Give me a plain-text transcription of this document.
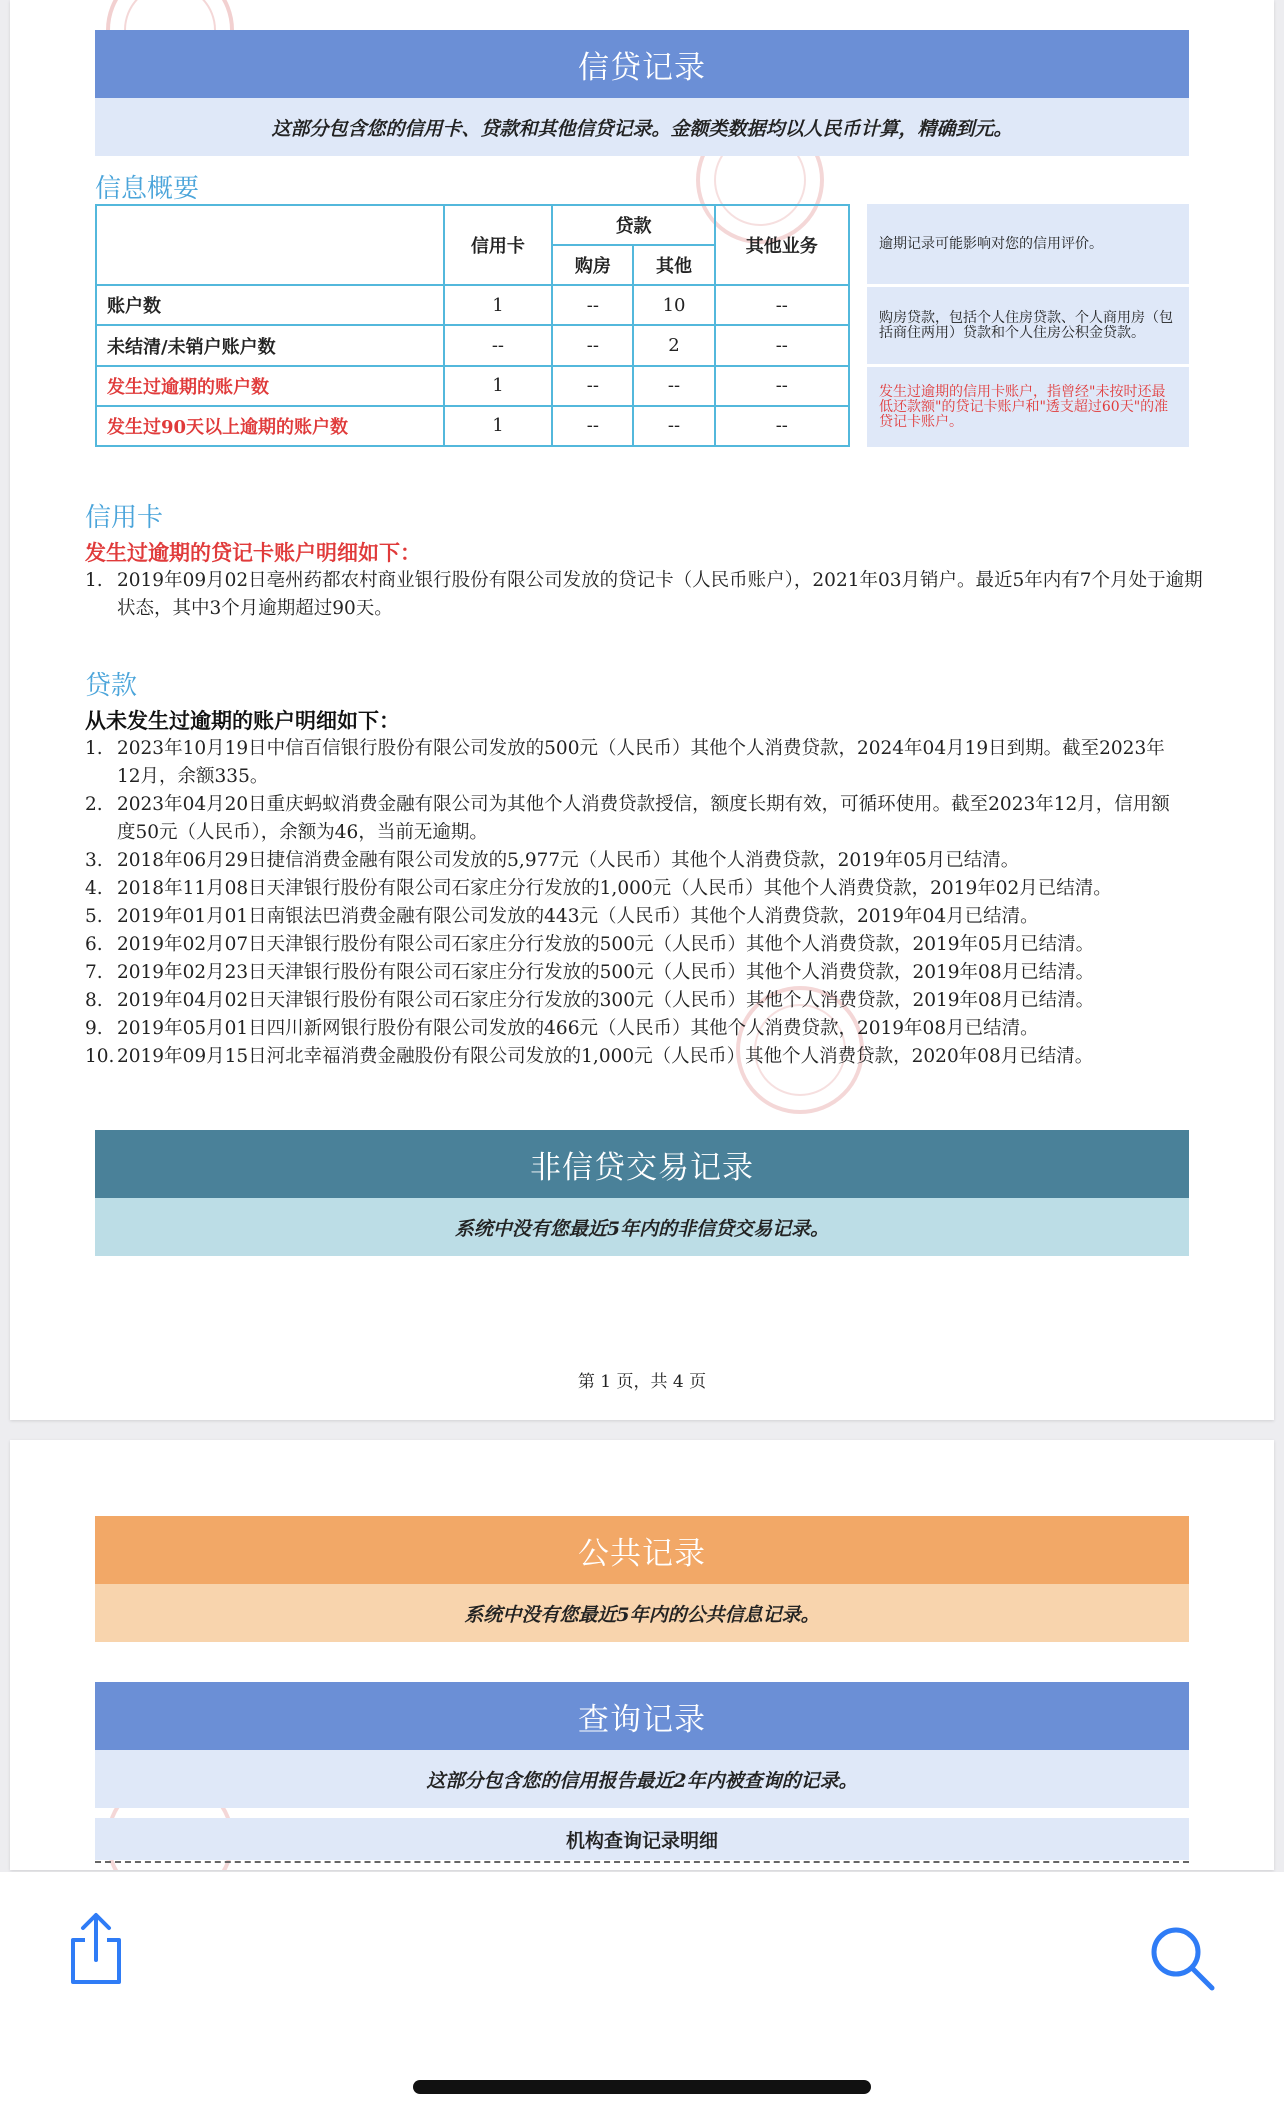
信贷记录
这部分包含您的信用卡、贷款和其他信贷记录。金额类数据均以人民币计算，精确到元。
信息概要
	信用卡	贷款		其他业务
		购房	其他	
账户数	1	--	10	--
未结清/未销户账户数	--	--	2	--
发生过逾期的账户数	1	--	--	--
发生过90天以上逾期的账户数	1	--	--	--
逾期记录可能影响对您的信用评价。
购房贷款，包括个人住房贷款、个人商用房（包括商住两用）贷款和个人住房公积金贷款。
发生过逾期的信用卡账户，指曾经"未按时还最低还款额"的贷记卡账户和"透支超过60天"的准贷记卡账户。
信用卡
发生过逾期的贷记卡账户明细如下：
1. 2019年09月02日亳州药都农村商业银行股份有限公司发放的贷记卡（人民币账户），2021年03月销户。最近5年内有7个月处于逾期状态，其中3个月逾期超过90天。
贷款
从未发生过逾期的账户明细如下：
1. 2023年10月19日中信百信银行股份有限公司发放的500元（人民币）其他个人消费贷款，2024年04月19日到期。截至2023年12月，余额335。
2. 2023年04月20日重庆蚂蚁消费金融有限公司为其他个人消费贷款授信，额度长期有效，可循环使用。截至2023年12月，信用额度50元（人民币），余额为46，当前无逾期。
3. 2018年06月29日捷信消费金融有限公司发放的5,977元（人民币）其他个人消费贷款，2019年05月已结清。
4. 2018年11月08日天津银行股份有限公司石家庄分行发放的1,000元（人民币）其他个人消费贷款，2019年02月已结清。
5. 2019年01月01日南银法巴消费金融有限公司发放的443元（人民币）其他个人消费贷款，2019年04月已结清。
6. 2019年02月07日天津银行股份有限公司石家庄分行发放的500元（人民币）其他个人消费贷款，2019年05月已结清。
7. 2019年02月23日天津银行股份有限公司石家庄分行发放的500元（人民币）其他个人消费贷款，2019年08月已结清。
8. 2019年04月02日天津银行股份有限公司石家庄分行发放的300元（人民币）其他个人消费贷款，2019年08月已结清。
9. 2019年05月01日四川新网银行股份有限公司发放的466元（人民币）其他个人消费贷款，2019年08月已结清。
10. 2019年09月15日河北幸福消费金融股份有限公司发放的1,000元（人民币）其他个人消费贷款，2020年08月已结清。
非信贷交易记录
系统中没有您最近5年内的非信贷交易记录。
第 1 页，共 4 页
公共记录
系统中没有您最近5年内的公共信息记录。
查询记录
这部分包含您的信用报告最近2年内被查询的记录。
机构查询记录明细
